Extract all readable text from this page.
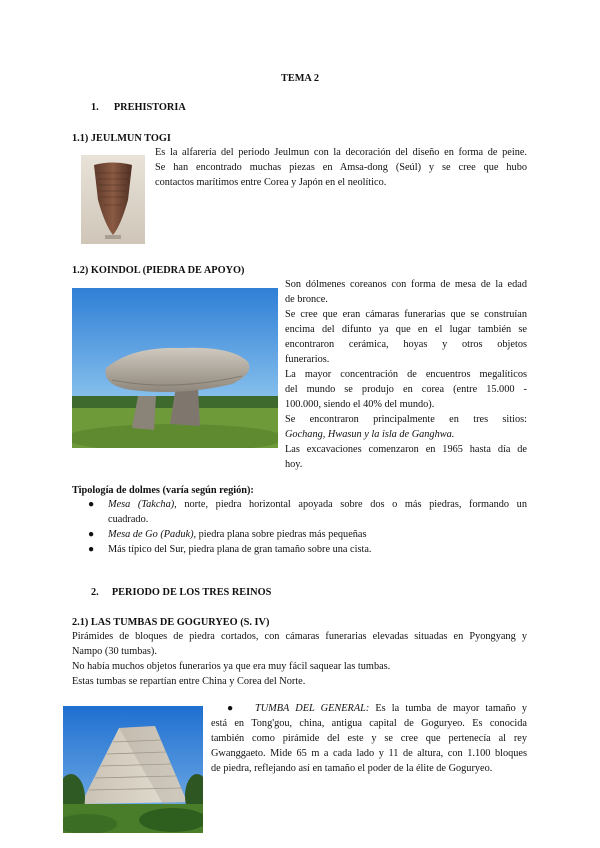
TEMA 2
1. PREHISTORIA
1.1) JEULMUN TOGI
Es la alfarería del periodo Jeulmun con la decoración del diseño en forma de peine.
Se han encontrado muchas piezas en Amsa-dong (Seúl) y se cree que hubo
contactos marítimos entre Corea y Japón en el neolítico.
1.2) KOINDOL (PIEDRA DE APOYO)
Son dólmenes coreanos con forma de mesa de la edad
de bronce.
Se cree que eran cámaras funerarias que se construían
encima del difunto ya que en el lugar también se
encontraron cerámica, hoyas y otros objetos
funerarios.
La mayor concentración de encuentros megalíticos
del mundo se produjo en corea (entre 15.000 -
100.000, siendo el 40% del mundo).
Se encontraron principalmente en tres sitios:
Gochang, Hwasun y la isla de Ganghwa.
Las excavaciones comenzaron en 1965 hasta día de
hoy.
Tipología de dolmes (varía según región):
● Mesa (Takcha), norte, piedra horizontal apoyada sobre dos o más piedras, formando un
cuadrado.
● Mesa de Go (Paduk), piedra plana sobre piedras más pequeñas
● Más típico del Sur, piedra plana de gran tamaño sobre una cista.
2. PERIODO DE LOS TRES REINOS
2.1) LAS TUMBAS DE GOGURYEO (S. IV)
Pirámides de bloques de piedra cortados, con cámaras funerarias elevadas situadas en Pyongyang y
Nampo (30 tumbas).
No había muchos objetos funerarios ya que era muy fácil saquear las tumbas.
Estas tumbas se repartían entre China y Corea del Norte.
● TUMBA DEL GENERAL: Es la tumba de mayor tamaño y
está en Tong'gou, china, antigua capital de Goguryeo. Es conocida
también como pirámide del este y se cree que pertenecía al rey
Gwanggaeto. Mide 65 m a cada lado y 11 de altura, con 1.100 bloques
de piedra, reflejando así en tamaño el poder de la élite de Goguryeo.
